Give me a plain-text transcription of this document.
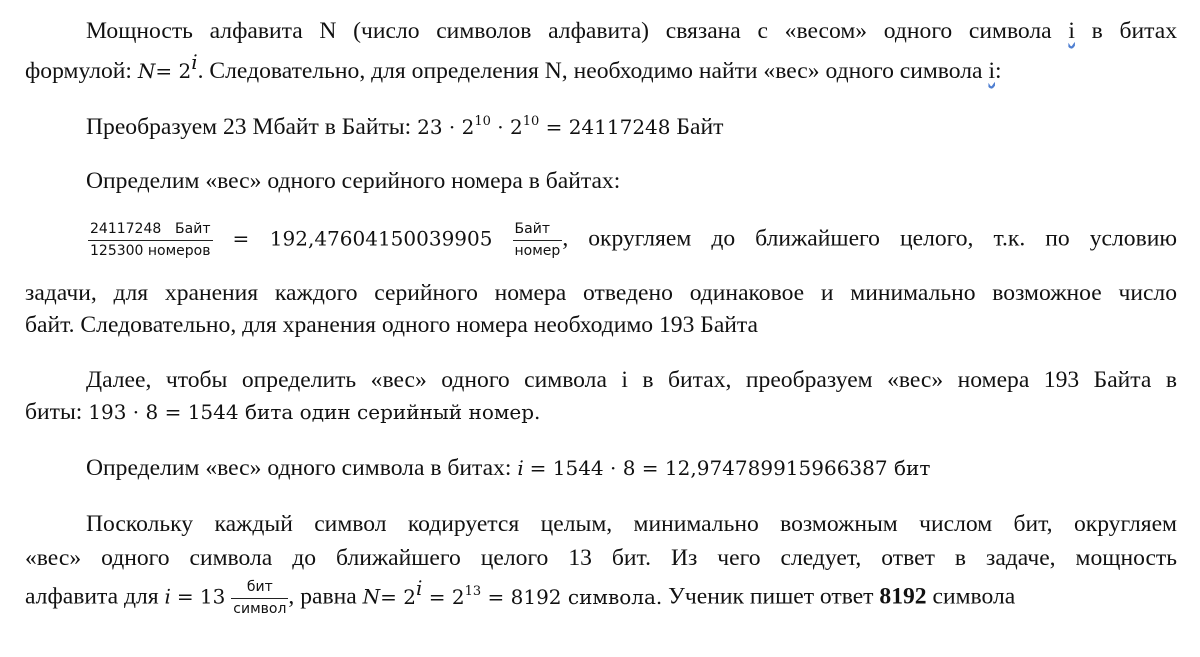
Мощность алфавита N (число символов алфавита) связана с «весом» одного символа i в битах
формулой: $N= 2^i$. Следовательно, для определения N, необходимо найти «вес» одного символа i:
Преобразуем 23 Мбайт в Байты: $23 \cdot 2^{10} \cdot 2^{10} = 24117248$ Байт
Определим «вес» одного серийного номера в байтах:
$\frac{\text{24117248 Байт}}{\text{125300 номеров}} = 192,47604150039905 \frac{\text{Байт}}{\text{номер}}$ , округляем до ближайшего целого, т.к. по условию
задачи, для хранения каждого серийного номера отведено одинаковое и минимально возможное число
байт. Следовательно, для хранения одного номера необходимо 193 Байта
Далее, чтобы определить «вес» одного символа i в битах, преобразуем «вес» номера 193 Байта в
биты: 193 · 8 = 1544 бита один серийный номер.
Определим «вес» одного символа в битах: i = 1544 · 8 = 12,974789915966387 бит
Поскольку каждый символ кодируется целым, минимально возможным числом бит, округляем
«вес» одного символа до ближайшего целого 13 бит. Из чего следует, ответ в задаче, мощность
алфавита для $i = 13 \frac{\text{бит}}{\text{символ}}$ , равна $N= 2^i = 2^{13} = 8192$ символа. Ученик пишет ответ 8192 символа
